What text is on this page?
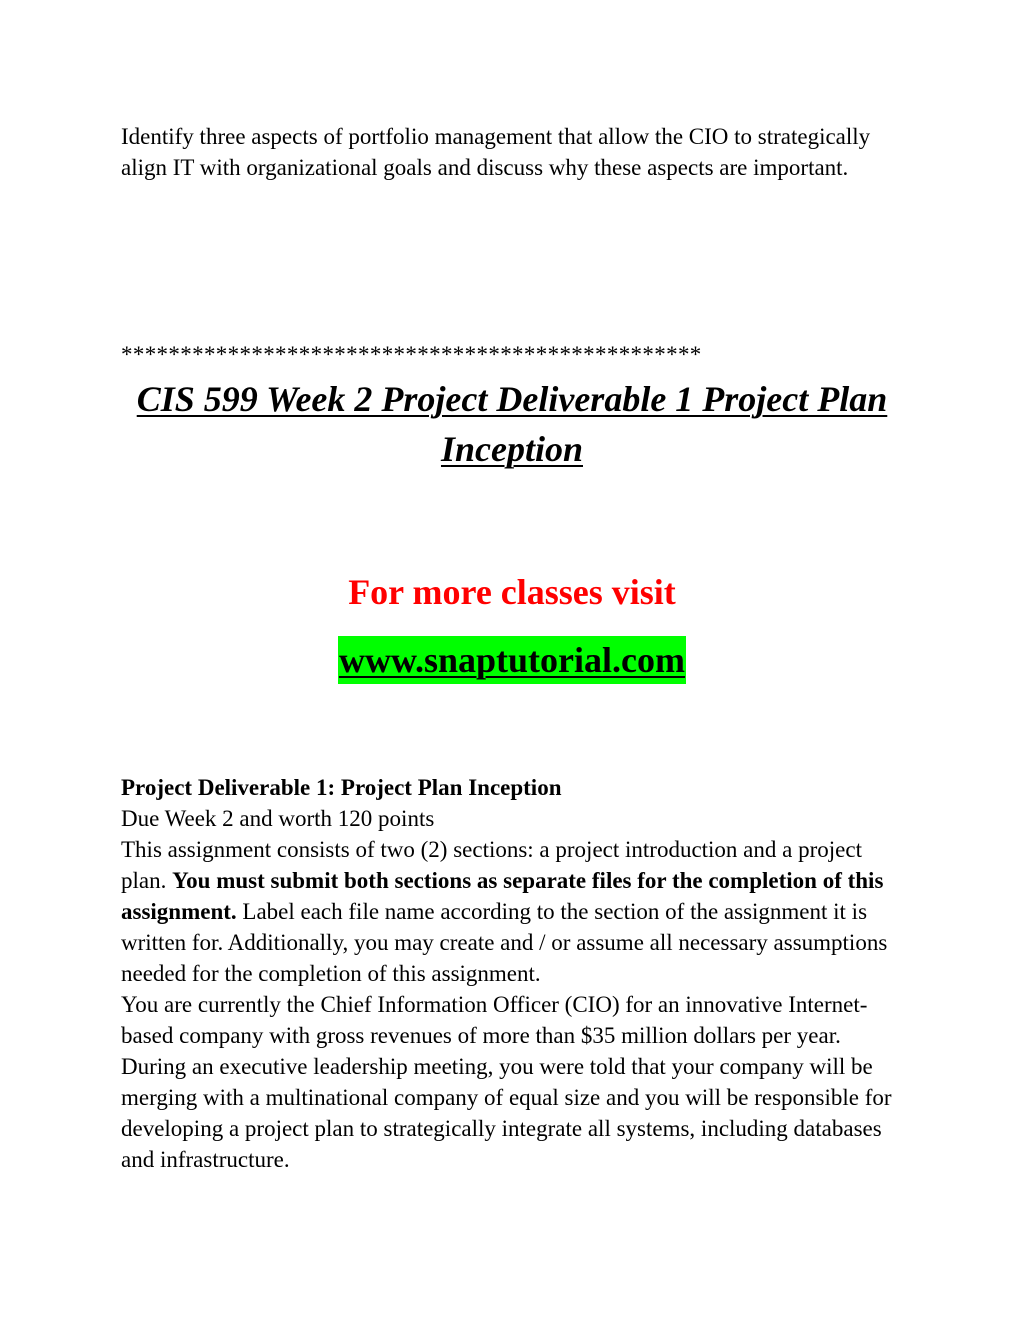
Identify three aspects of portfolio management that allow the CIO to strategically align IT with organizational goals and discuss why these aspects are important.
*************************************************
CIS 599 Week 2 Project Deliverable 1 Project Plan Inception
For more classes visit
www.snaptutorial.com

Project Deliverable 1: Project Plan Inception

Due Week 2 and worth 120 points

This assignment consists of two (2) sections: a project introduction and a project plan. You must submit both sections as separate files for the completion of this assignment. Label each file name according to the section of the assignment it is written for. Additionally, you may create and / or assume all necessary assumptions needed for the completion of this assignment.

You are currently the Chief Information Officer (CIO) for an innovative Internet-based company with gross revenues of more than $35 million dollars per year. During an executive leadership meeting, you were told that your company will be merging with a multinational company of equal size and you will be responsible for developing a project plan to strategically integrate all systems, including databases and infrastructure.
